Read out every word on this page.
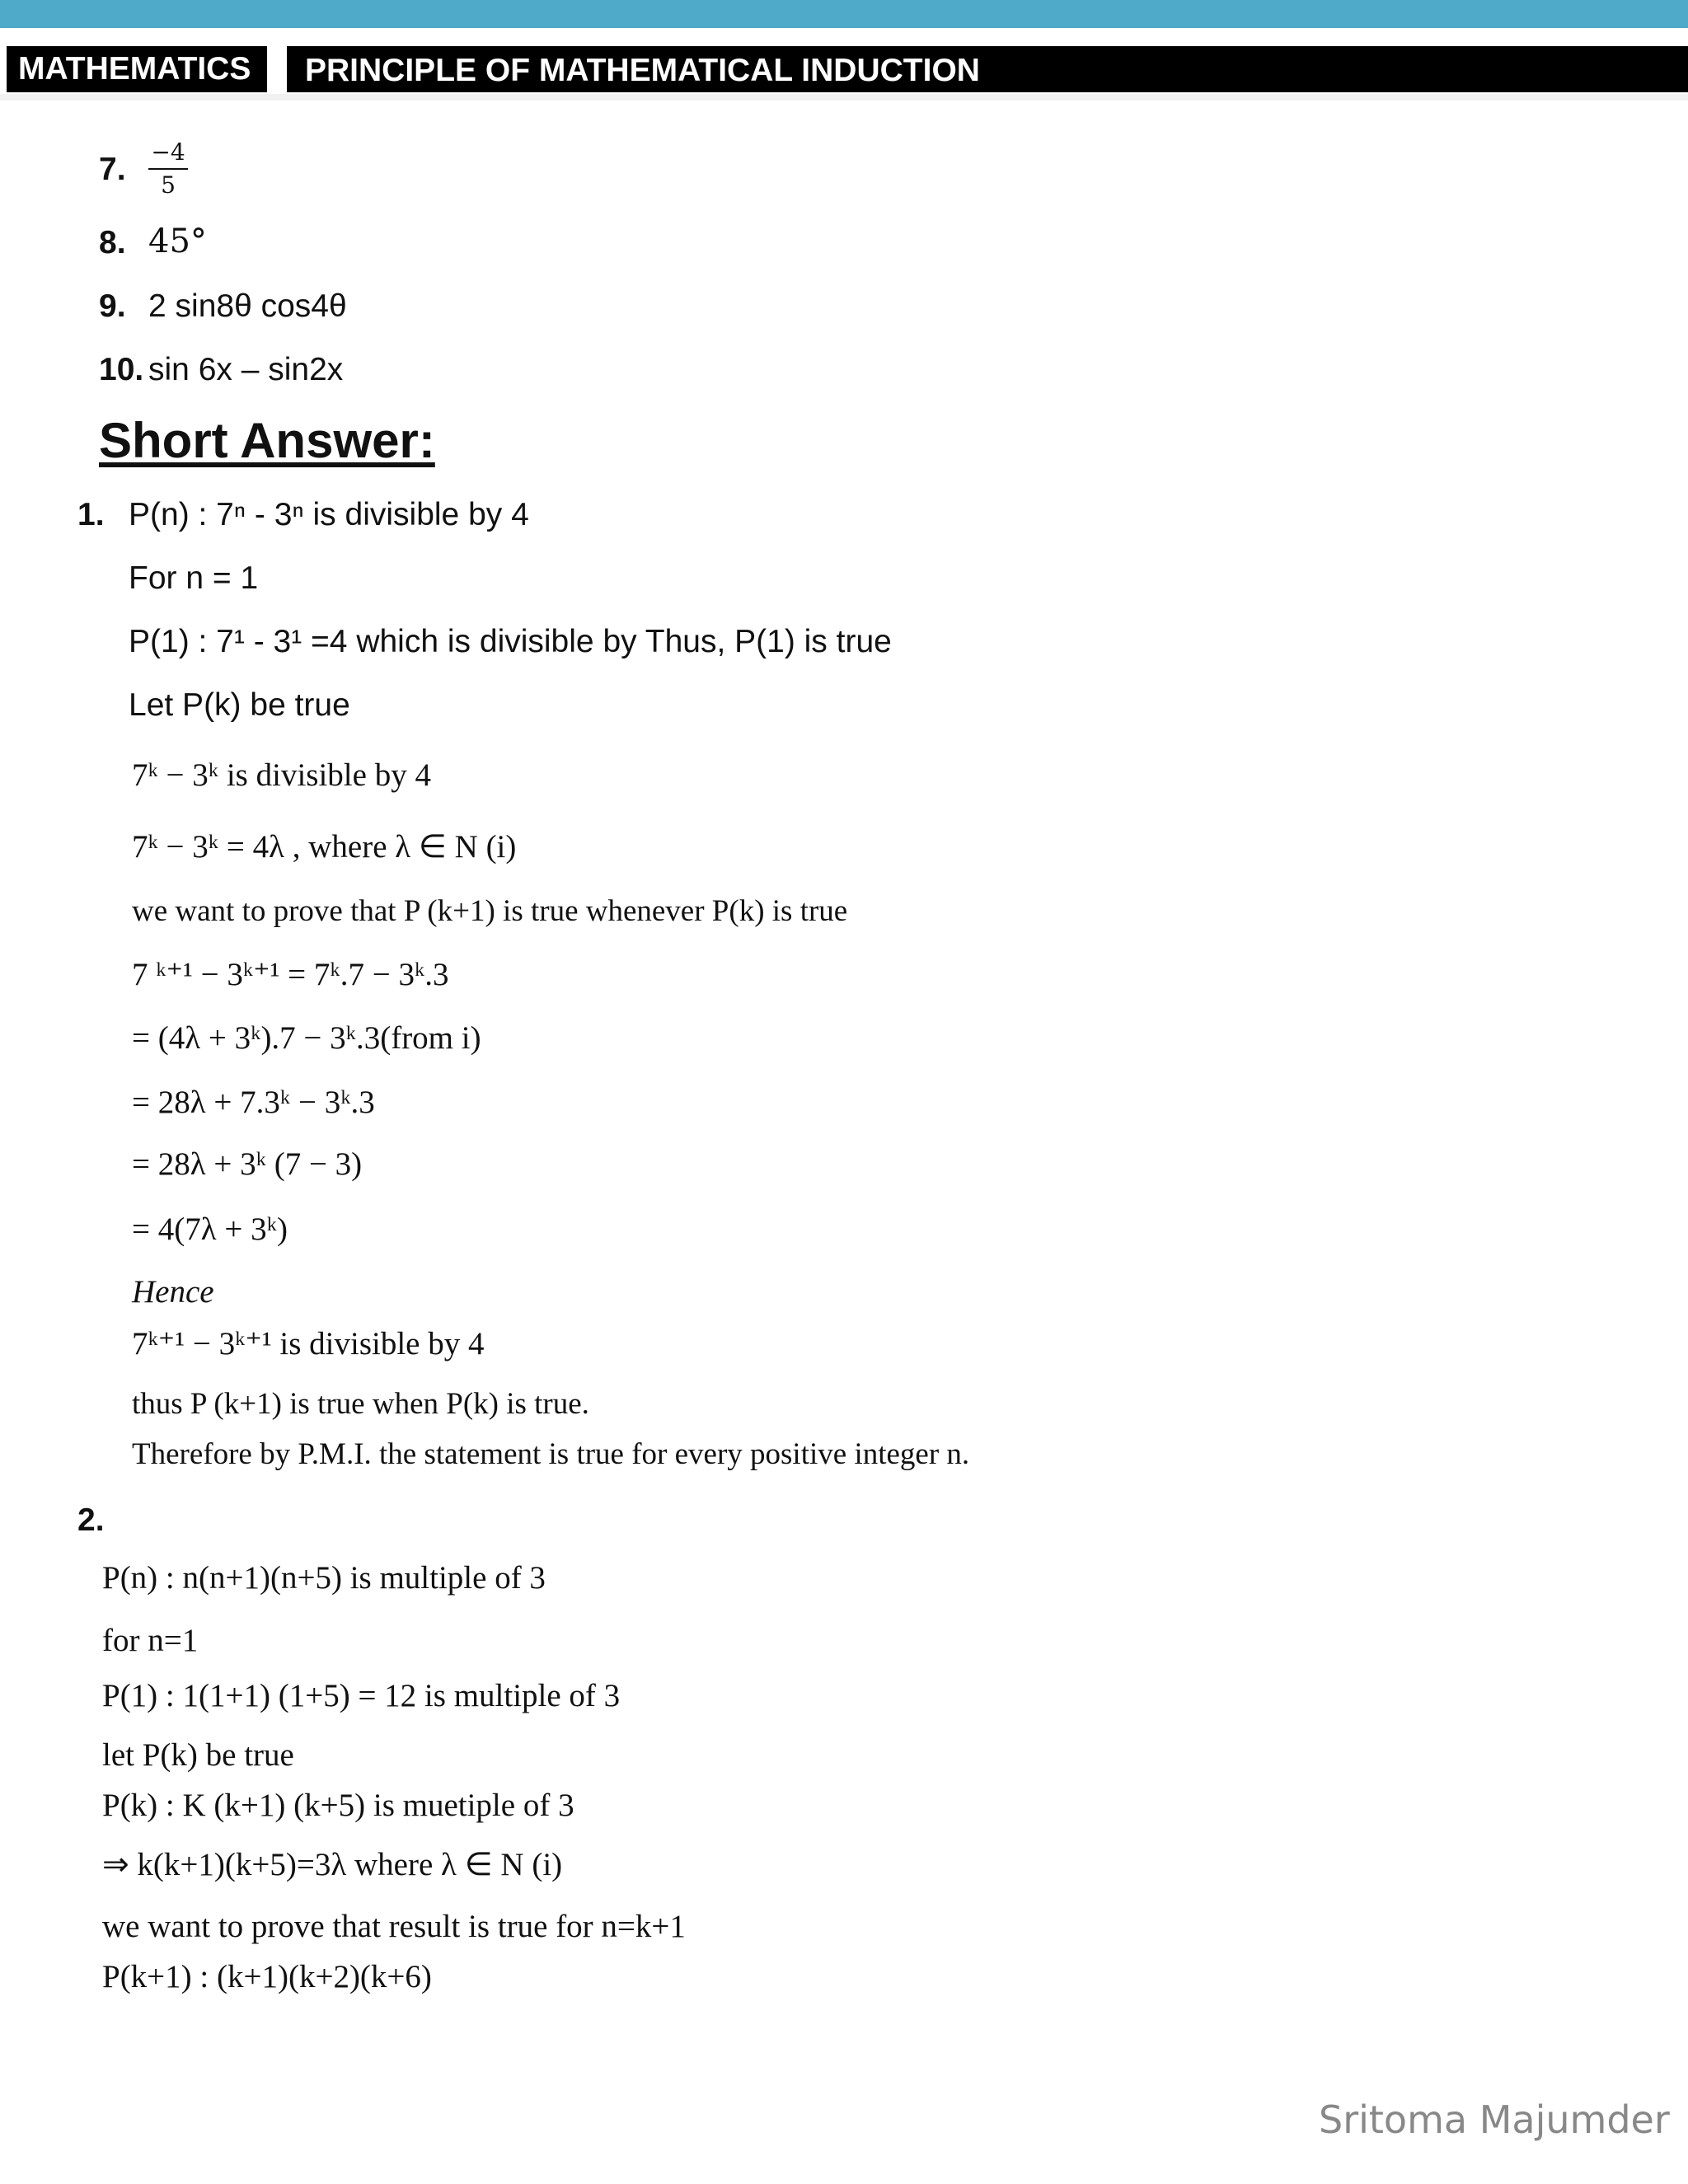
MATHEMATICS	PRINCIPLE OF MATHEMATICAL INDUCTION
7. −4
5
8. 45°
9. 2 sin8θ cos4θ
10. sin 6x – sin2x
Short Answer:
1. P(n) : 7ⁿ - 3ⁿ is divisible by 4
For n = 1
P(1) : 7¹ - 3¹ =4 which is divisible by Thus, P(1) is true
Let P(k) be true
7ᵏ − 3ᵏ is divisible by 4
7ᵏ − 3ᵏ = 4λ , where λ ∈ N (i)
we want to prove that P (k+1) is true whenever P(k) is true
7 ᵏ⁺¹ − 3ᵏ⁺¹ = 7ᵏ.7 − 3ᵏ.3
= (4λ + 3ᵏ).7 − 3ᵏ.3(from i)
= 28λ + 7.3ᵏ − 3ᵏ.3
= 28λ + 3ᵏ (7 − 3)
= 4(7λ + 3ᵏ)
Hence
7ᵏ⁺¹ − 3ᵏ⁺¹ is divisible by 4
thus P (k+1) is true when P(k) is true.
Therefore by P.M.I. the statement is true for every positive integer n.
2.
P(n) : n(n+1)(n+5) is multiple of 3
for n=1
P(1) : 1(1+1) (1+5) = 12 is multiple of 3
let P(k) be true
P(k) : K (k+1) (k+5) is muetiple of 3
⇒ k(k+1)(k+5)=3λ where λ ∈ N (i)
we want to prove that result is true for n=k+1
P(k+1) : (k+1)(k+2)(k+6)
Sritoma Majumder
